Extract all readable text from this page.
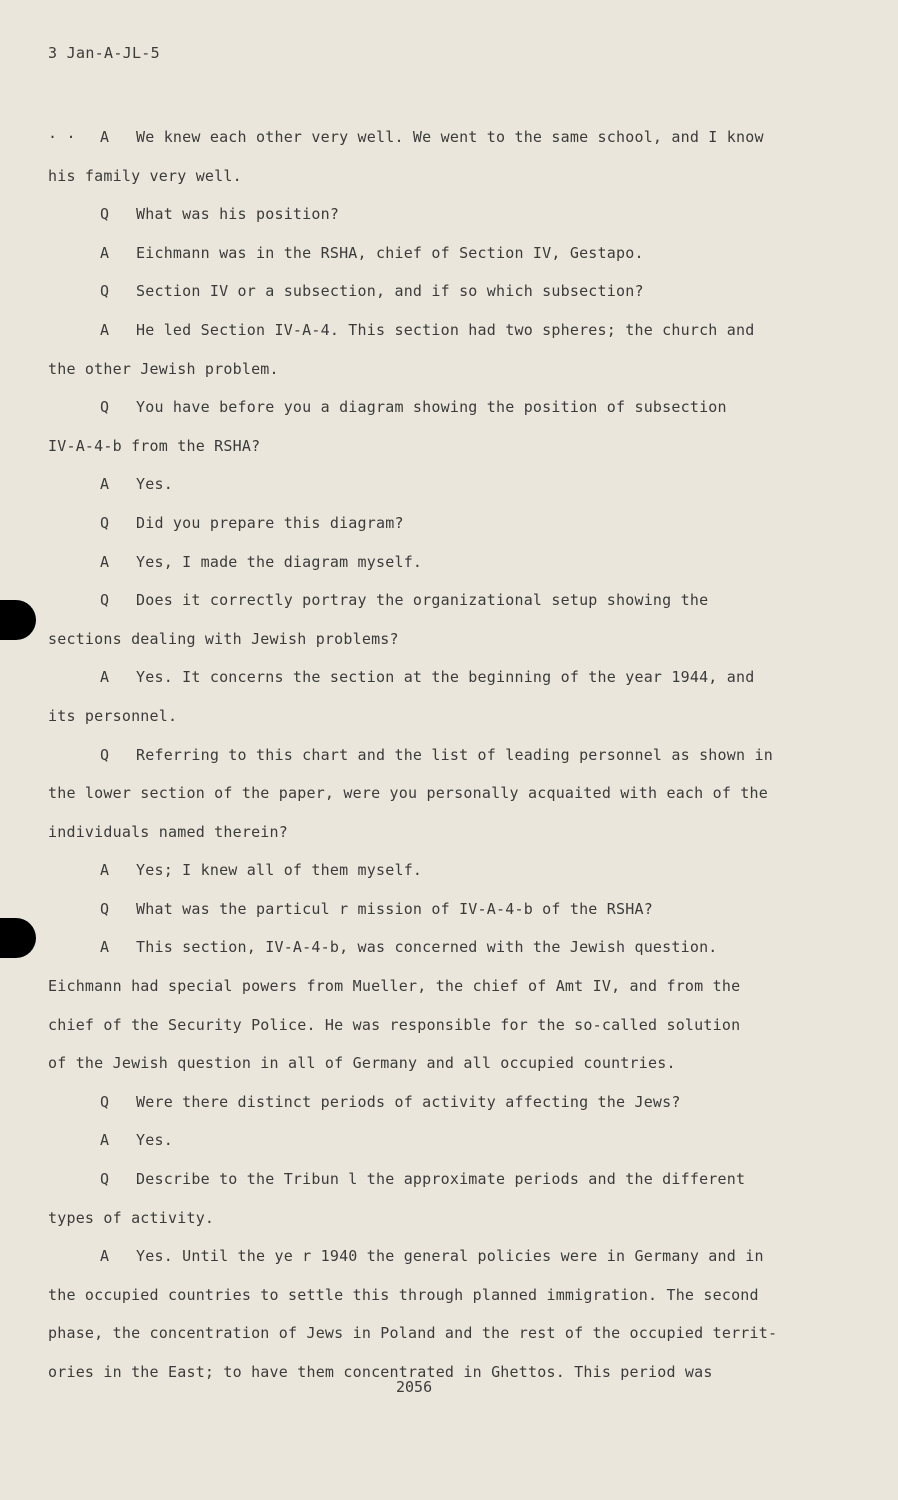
3 Jan-A-JL-5
· · A We knew each other very well. We went to the same school, and I know
his family very well.
Q What was his position?
A Eichmann was in the RSHA, chief of Section IV, Gestapo.
Q Section IV or a subsection, and if so which subsection?
A He led Section IV-A-4. This section had two spheres; the church and
the other Jewish problem.
Q You have before you a diagram showing the position of subsection
IV-A-4-b from the RSHA?
A Yes.
Q Did you prepare this diagram?
A Yes, I made the diagram myself.
Q Does it correctly portray the organizational setup showing the
sections dealing with Jewish problems?
A Yes. It concerns the section at the beginning of the year 1944, and
its personnel.
Q Referring to this chart and the list of leading personnel as shown in
the lower section of the paper, were you personally acquaited with each of the
individuals named therein?
A Yes; I knew all of them myself.
Q What was the particul r mission of IV-A-4-b of the RSHA?
A This section, IV-A-4-b, was concerned with the Jewish question.
Eichmann had special powers from Mueller, the chief of Amt IV, and from the
chief of the Security Police. He was responsible for the so-called solution
of the Jewish question in all of Germany and all occupied countries.
Q Were there distinct periods of activity affecting the Jews?
A Yes.
Q Describe to the Tribun l the approximate periods and the different
types of activity.
A Yes. Until the ye r 1940 the general policies were in Germany and in
the occupied countries to settle this through planned immigration. The second
phase, the concentration of Jews in Poland and the rest of the occupied territ-
ories in the East; to have them concentrated in Ghettos. This period was
2056
